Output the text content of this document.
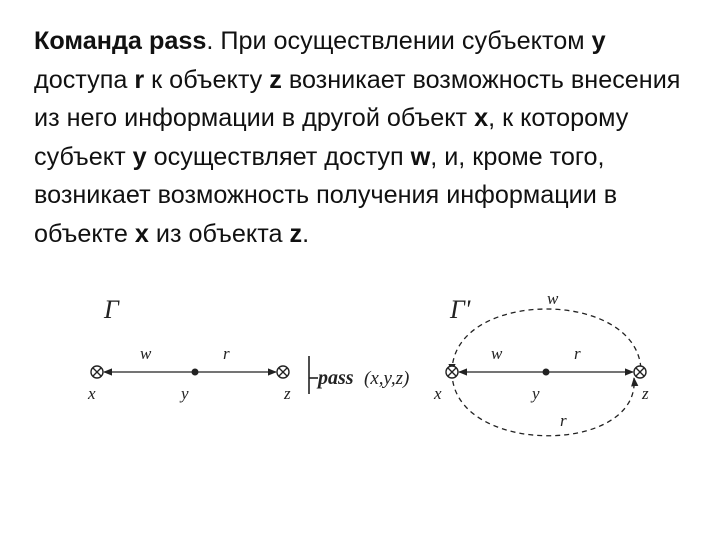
Команда pass. При осуществлении субъектом y доступа r к объекту z возникает возможность внесения из него информации в другой объект x, к которому субъект y осуществляет доступ w, и, кроме того, возникает возможность получения информации в объекте x из объекта z.
Γ
w	r
x	y	z
pass (x,y,z)
Γ'	w
w	r
x	y	z
r
